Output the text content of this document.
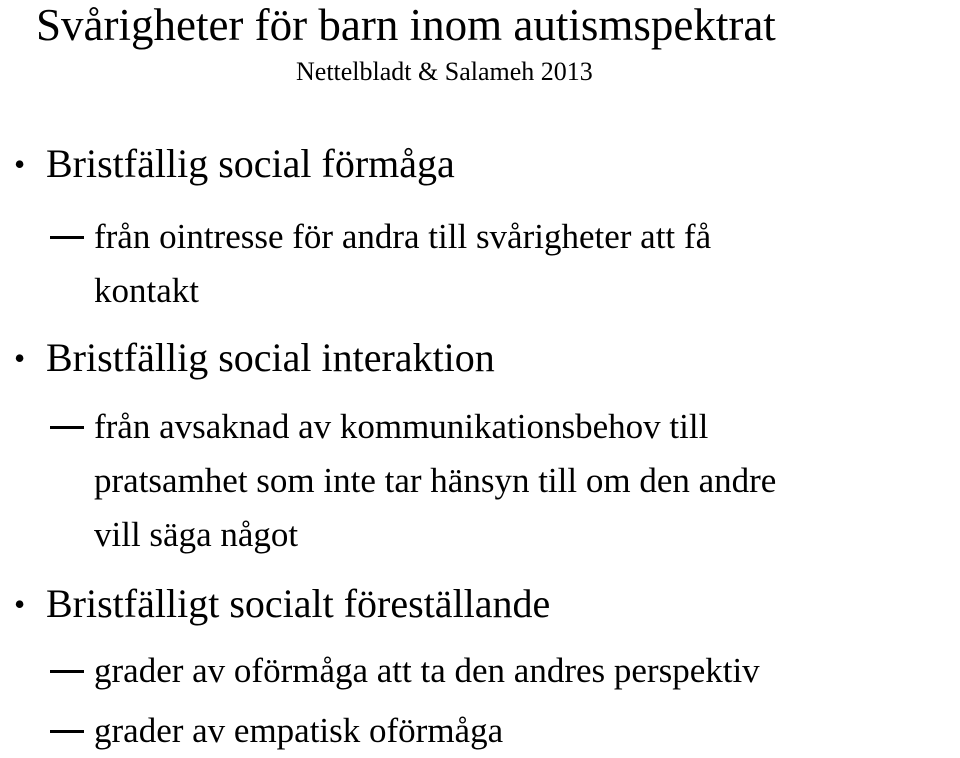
Svårigheter för barn inom autismspektrat
Nettelbladt & Salameh 2013
• Bristfällig social förmåga
från ointresse för andra till svårigheter att få
kontakt
• Bristfällig social interaktion
från avsaknad av kommunikationsbehov till
pratsamhet som inte tar hänsyn till om den andre
vill säga något
• Bristfälligt socialt föreställande
grader av oförmåga att ta den andres perspektiv
grader av empatisk oförmåga
